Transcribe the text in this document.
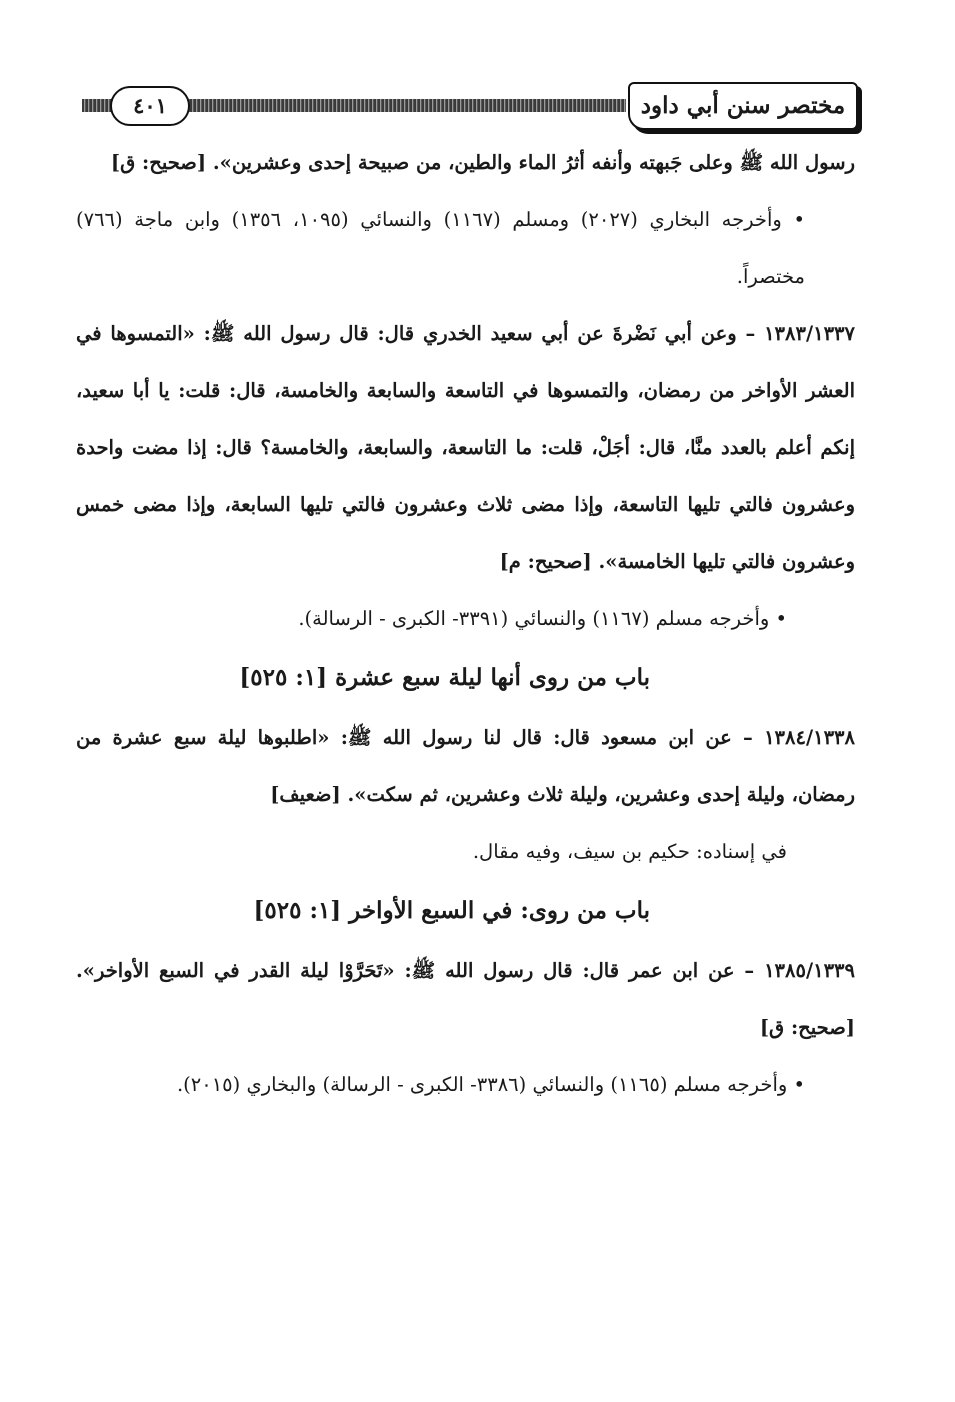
٤٠١	مختصر سنن أبي داود

رسول الله ﷺ وعلى جَبهته وأنفه أثرُ الماء والطين، من صبيحة إحدى وعشرين». [صحيح: ق]

• وأخرجه البخاري (٢٠٢٧) ومسلم (١١٦٧) والنسائي (١٠٩٥، ١٣٥٦) وابن ماجة (٧٦٦) مختصراً.

١٣٨٣/١٣٣٧ – وعن أبي نَضْرةَ عن أبي سعيد الخدري قال: قال رسول الله ﷺ: «التمسوها في العشر الأواخر من رمضان، والتمسوها في التاسعة والسابعة والخامسة، قال: قلت: يا أبا سعيد، إنكم أعلم بالعدد منَّا، قال: أجَلْ، قلت: ما التاسعة، والسابعة، والخامسة؟ قال: إذا مضت واحدة وعشرون فالتي تليها التاسعة، وإذا مضى ثلاث وعشرون فالتي تليها السابعة، وإذا مضى خمس وعشرون فالتي تليها الخامسة». [صحيح: م]

• وأخرجه مسلم (١١٦٧) والنسائي (٣٣٩١- الكبرى - الرسالة).

باب من روى أنها ليلة سبع عشرة [١: ٥٢٥]

١٣٨٤/١٣٣٨ – عن ابن مسعود قال: قال لنا رسول الله ﷺ: «اطلبوها ليلة سبع عشرة من رمضان، وليلة إحدى وعشرين، وليلة ثلاث وعشرين، ثم سكت». [ضعيف]

في إسناده: حكيم بن سيف، وفيه مقال.

باب من روى: في السبع الأواخر [١: ٥٢٥]

١٣٨٥/١٣٣٩ – عن ابن عمر قال: قال رسول الله ﷺ: «تَحَرَّوْا ليلة القدر في السبع الأواخر». [صحيح: ق]

• وأخرجه مسلم (١١٦٥) والنسائي (٣٣٨٦- الكبرى - الرسالة) والبخاري (٢٠١٥).
